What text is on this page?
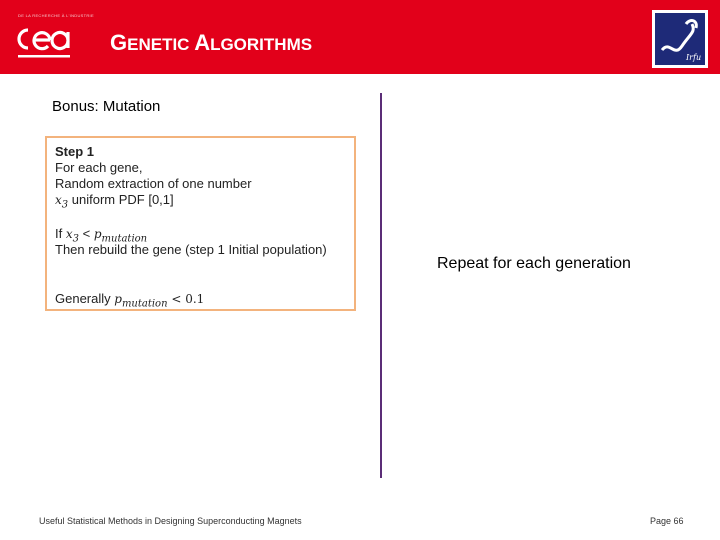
DE LA RECHERCHE À L'INDUSTRIE
GENETIC ALGORITHMS
Irfu
Bonus: Mutation
Step 1
For each gene,
Random extraction of one number
$x_3$ uniform PDF [0,1]
If $x_3 < p_{mutation}$
Then rebuild the gene (step 1 Initial population)
Generally $p_{mutation} < 0.1$
Repeat for each generation
Useful Statistical Methods in Designing Superconducting Magnets	Page 66
